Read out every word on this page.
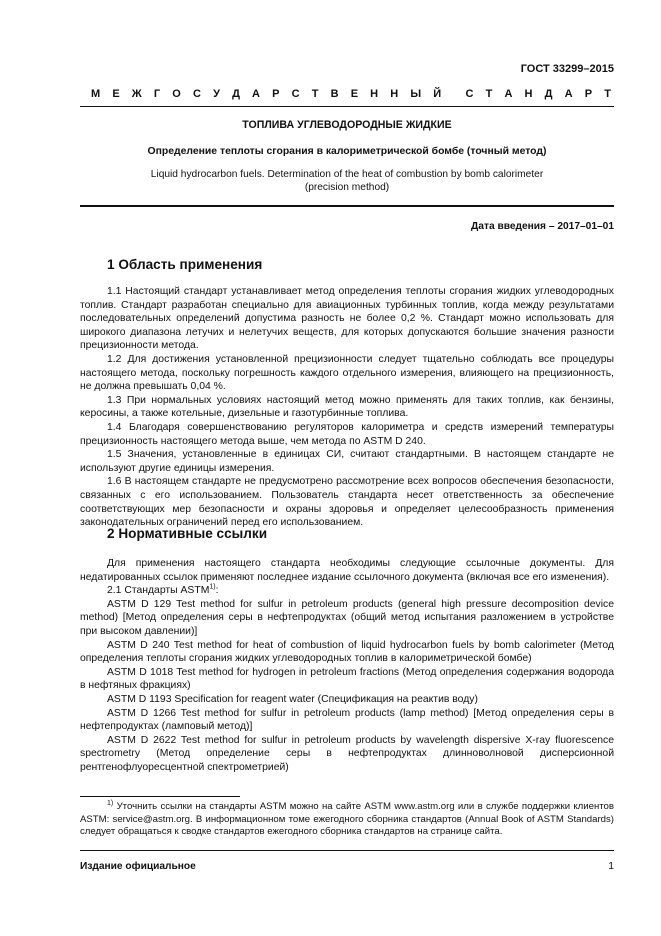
ГОСТ 33299–2015
М Е Ж Г О С У Д А Р С Т В Е Н Н Ы Й С Т А Н Д А Р Т
ТОПЛИВА УГЛЕВОДОРОДНЫЕ ЖИДКИЕ
Определение теплоты сгорания в калориметрической бомбе (точный метод)
Liquid hydrocarbon fuels. Determination of the heat of combustion by bomb calorimeter (precision method)
Дата введения – 2017–01–01
1 Область применения

1.1 Настоящий стандарт устанавливает метод определения теплоты сгорания жидких углеводородных топлив. Стандарт разработан специально для авиационных турбинных топлив, когда между результатами последовательных определений допустима разность не более 0,2 %. Стандарт можно использовать для широкого диапазона летучих и нелетучих веществ, для которых допускаются большие значения разности прецизионности метода.

1.2 Для достижения установленной прецизионности следует тщательно соблюдать все процедуры настоящего метода, поскольку погрешность каждого отдельного измерения, влияющего на прецизионность, не должна превышать 0,04 %.

1.3 При нормальных условиях настоящий метод можно применять для таких топлив, как бензины, керосины, а также котельные, дизельные и газотурбинные топлива.

1.4 Благодаря совершенствованию регуляторов калориметра и средств измерений температуры прецизионность настоящего метода выше, чем метода по ASTM D 240.

1.5 Значения, установленные в единицах СИ, считают стандартными. В настоящем стандарте не используют другие единицы измерения.

1.6 В настоящем стандарте не предусмотрено рассмотрение всех вопросов обеспечения безопасности, связанных с его использованием. Пользователь стандарта несет ответственность за обеспечение соответствующих мер безопасности и охраны здоровья и определяет целесообразность применения законодательных ограничений перед его использованием.

2 Нормативные ссылки

Для применения настоящего стандарта необходимы следующие ссылочные документы. Для недатированных ссылок применяют последнее издание ссылочного документа (включая все его изменения).

2.1 Стандарты ASTM$^{1)}$:

ASTM D 129 Test method for sulfur in petroleum products (general high pressure decomposition device method) [Метод определения серы в нефтепродуктах (общий метод испытания разложением в устройстве при высоком давлении)]

ASTM D 240 Test method for heat of combustion of liquid hydrocarbon fuels by bomb calorimeter (Метод определения теплоты сгорания жидких углеводородных топлив в калориметрической бомбе)

ASTM D 1018 Test method for hydrogen in petroleum fractions (Метод определения содержания водорода в нефтяных фракциях)

ASTM D 1193 Specification for reagent water (Спецификация на реактив воду)

ASTM D 1266 Test method for sulfur in petroleum products (lamp method) [Метод определения серы в нефтепродуктах (ламповый метод)]

ASTM D 2622 Test method for sulfur in petroleum products by wavelength dispersive X-ray fluorescence spectrometry (Метод определение серы в нефтепродуктах длинноволновой дисперсионной рентгенофлуоресцентной спектрометрией)

$^{1)}$ Уточнить ссылки на стандарты ASTM можно на сайте ASTM www.astm.org или в службе поддержки клиентов ASTM: service@astm.org. В информационном томе ежегодного сборника стандартов (Annual Book of ASTM Standards) следует обращаться к сводке стандартов ежегодного сборника стандартов на странице сайта.
Издание официальное	1
